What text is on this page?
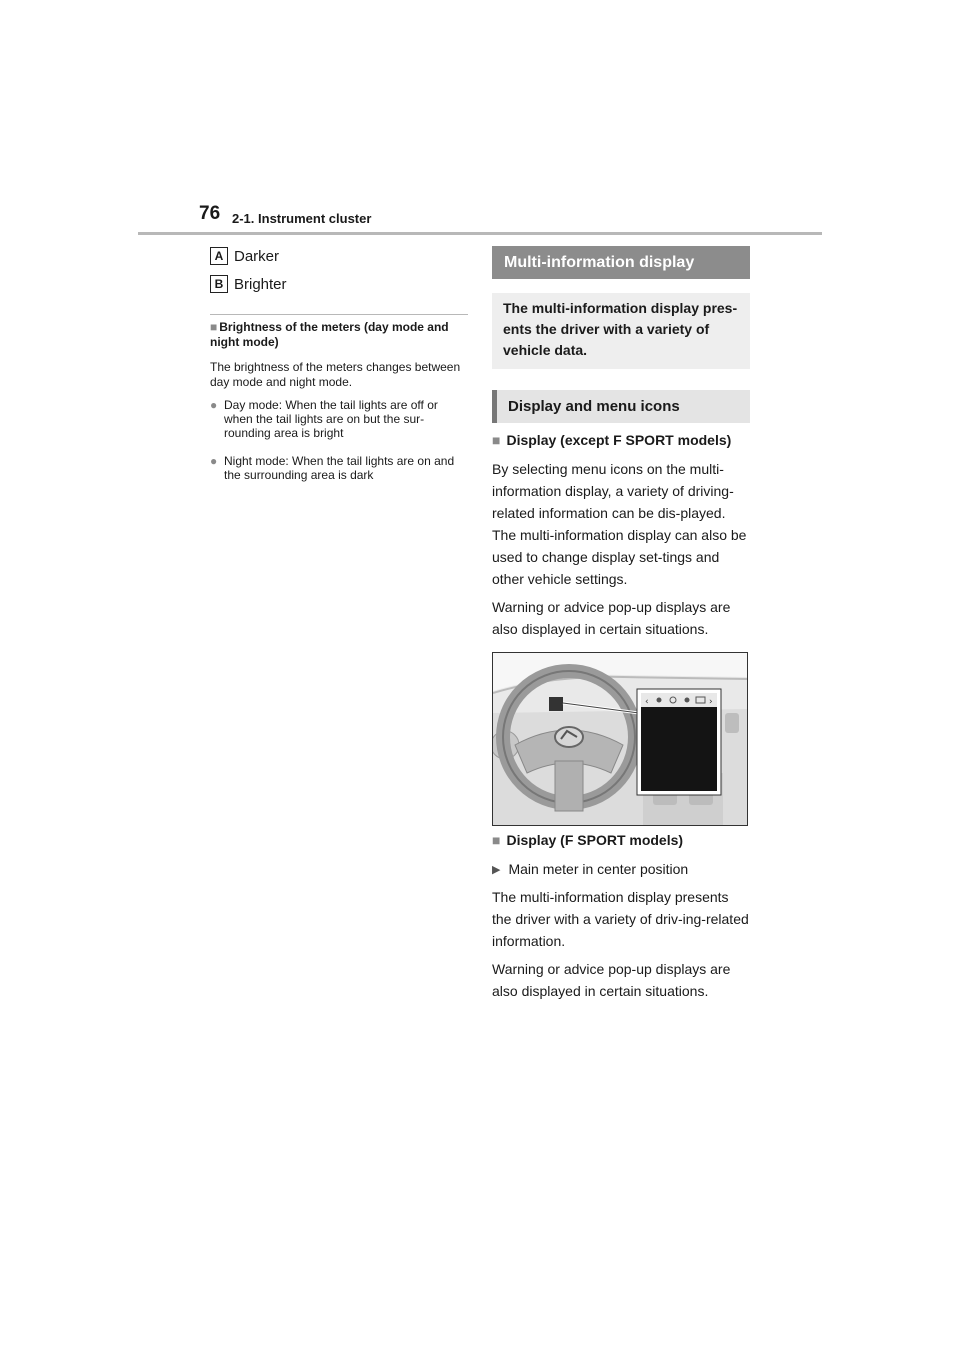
76 2-1. Instrument cluster
A Darker
B Brighter
■ Brightness of the meters (day mode and night mode)
The brightness of the meters changes between day mode and night mode.
● Day mode: When the tail lights are off or when the tail lights are on but the sur-rounding area is bright
● Night mode: When the tail lights are on and the surrounding area is dark
Multi-information display
The multi-information display pres-ents the driver with a variety of vehicle data.
Display and menu icons
■ Display (except F SPORT models)
By selecting menu icons on the multi-information display, a variety of driving-related information can be dis-played. The multi-information display can also be used to change display set-tings and other vehicle settings.
Warning or advice pop-up displays are also displayed in certain situations.
‹	›
■ Display (F SPORT models)
▶ Main meter in center position
The multi-information display presents the driver with a variety of driv-ing-related information.
Warning or advice pop-up displays are also displayed in certain situations.
